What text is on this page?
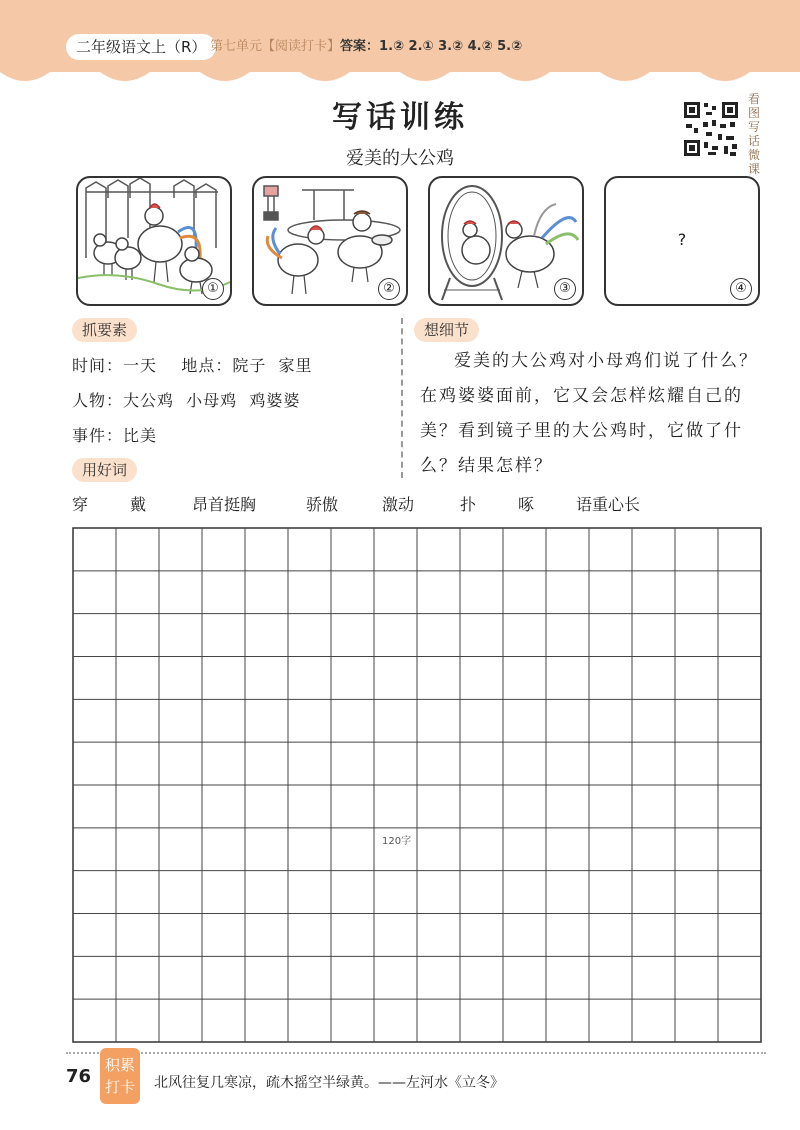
二年级语文上（R） 第七单元【阅读打卡】答案：1.② 2.① 3.② 4.② 5.②
写话训练
爱美的大公鸡
看图写话微课
①	②	③
?
④
抓要素
时间：一天    地点：院子  家里
人物：大公鸡  小母鸡  鸡婆婆
事件：比美
想细节
爱美的大公鸡对小母鸡们说了什么？在鸡婆婆面前，它又会怎样炫耀自己的美？看到镜子里的大公鸡时，它做了什么？结果怎样？
用好词
穿	戴	昂首挺胸	骄傲	激动	扑	啄	语重心长
120字
76
积累打卡	北风往复几寒凉，疏木摇空半绿黄。——左河水《立冬》
